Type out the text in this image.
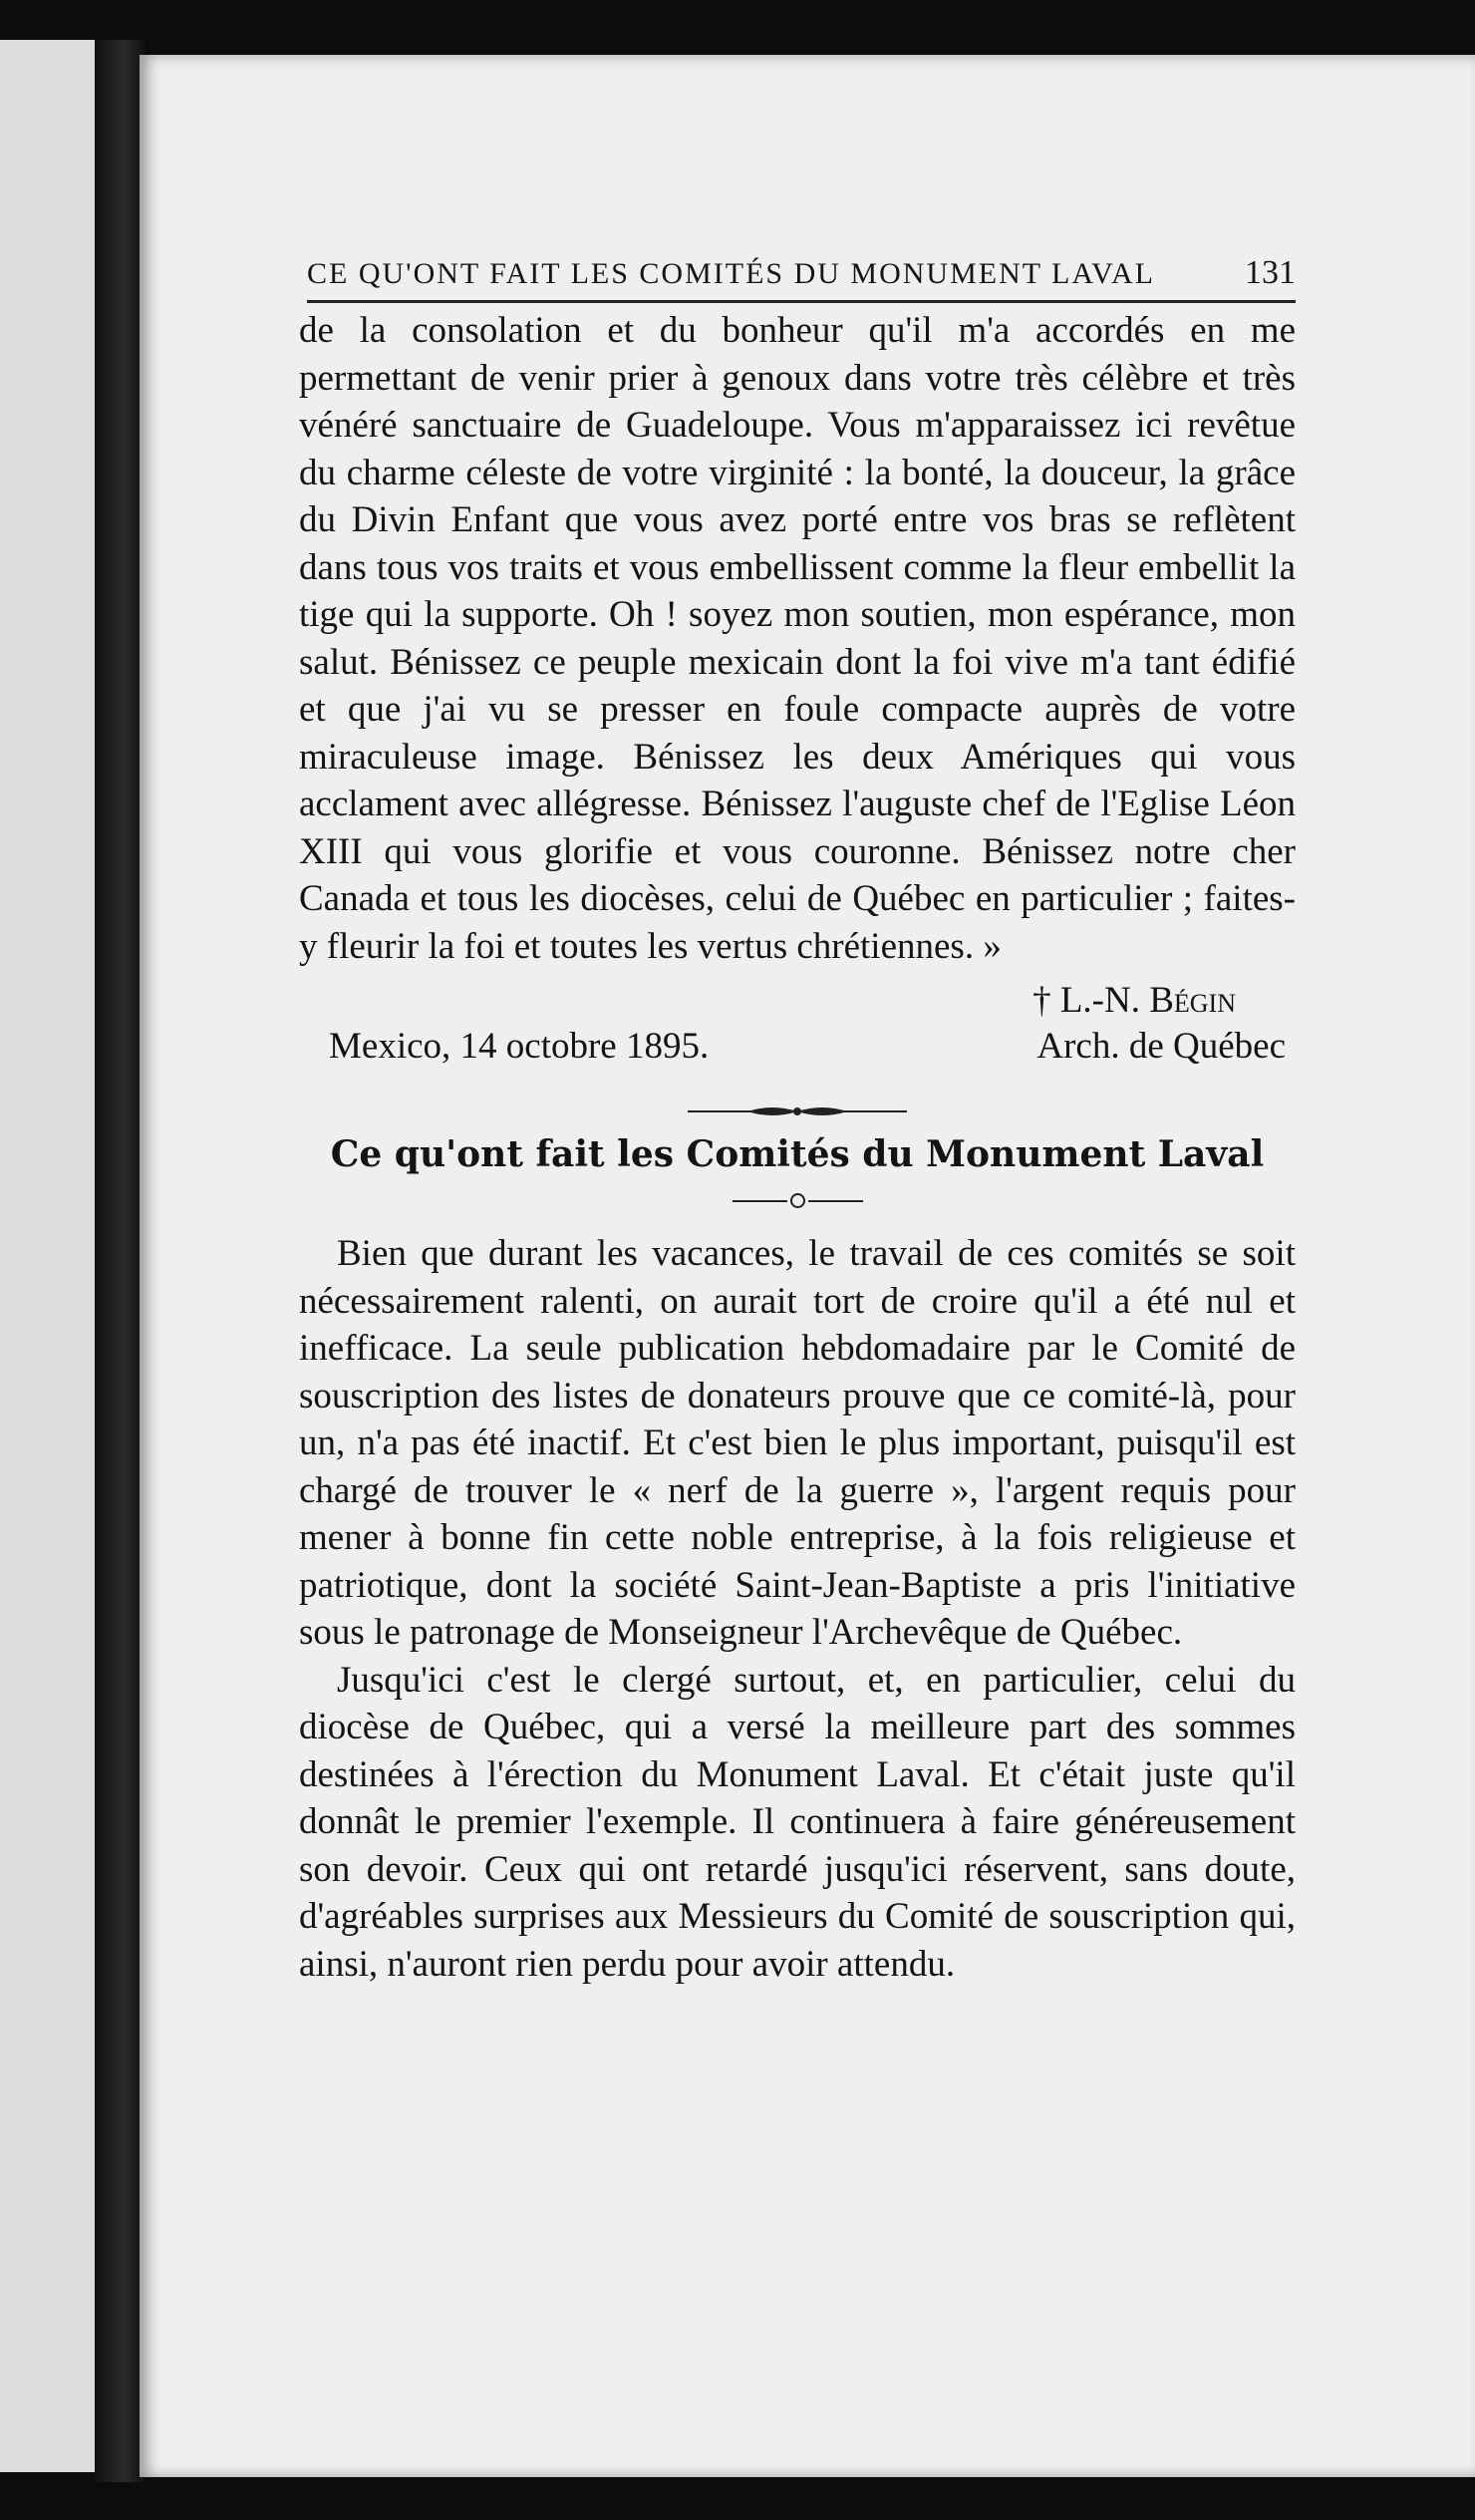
CE QU'ONT FAIT LES COMITÉS DU MONUMENT LAVAL	131

de la consolation et du bonheur qu'il m'a accordés en me permettant de venir prier à genoux dans votre très célèbre et très vénéré sanctuaire de Guadeloupe. Vous m'apparaissez ici revêtue du charme céleste de votre virginité : la bonté, la douceur, la grâce du Divin Enfant que vous avez porté entre vos bras se reflètent dans tous vos traits et vous embellissent comme la fleur embellit la tige qui la supporte. Oh ! soyez mon soutien, mon espérance, mon salut. Bénissez ce peuple mexicain dont la foi vive m'a tant édifié et que j'ai vu se presser en foule compacte auprès de votre miraculeuse image. Bénissez les deux Amériques qui vous acclament avec allégresse. Bénissez l'auguste chef de l'Eglise Léon XIII qui vous glorifie et vous couronne. Bénissez notre cher Canada et tous les diocèses, celui de Québec en particulier ; faites-y fleurir la foi et toutes les vertus chrétiennes. »

† L.-N. Bégin
Arch. de Québec
Mexico, 14 octobre 1895.
Ce qu'ont fait les Comités du Monument Laval

Bien que durant les vacances, le travail de ces comités se soit nécessairement ralenti, on aurait tort de croire qu'il a été nul et inefficace. La seule publication hebdomadaire par le Comité de souscription des listes de donateurs prouve que ce comité-là, pour un, n'a pas été inactif. Et c'est bien le plus important, puisqu'il est chargé de trouver le « nerf de la guerre », l'argent requis pour mener à bonne fin cette noble entreprise, à la fois religieuse et patriotique, dont la société Saint-Jean-Baptiste a pris l'initiative sous le patronage de Monseigneur l'Archevêque de Québec.

Jusqu'ici c'est le clergé surtout, et, en particulier, celui du diocèse de Québec, qui a versé la meilleure part des sommes destinées à l'érection du Monument Laval. Et c'était juste qu'il donnât le premier l'exemple. Il continuera à faire généreusement son devoir. Ceux qui ont retardé jusqu'ici réservent, sans doute, d'agréables surprises aux Messieurs du Comité de souscription qui, ainsi, n'auront rien perdu pour avoir attendu.
